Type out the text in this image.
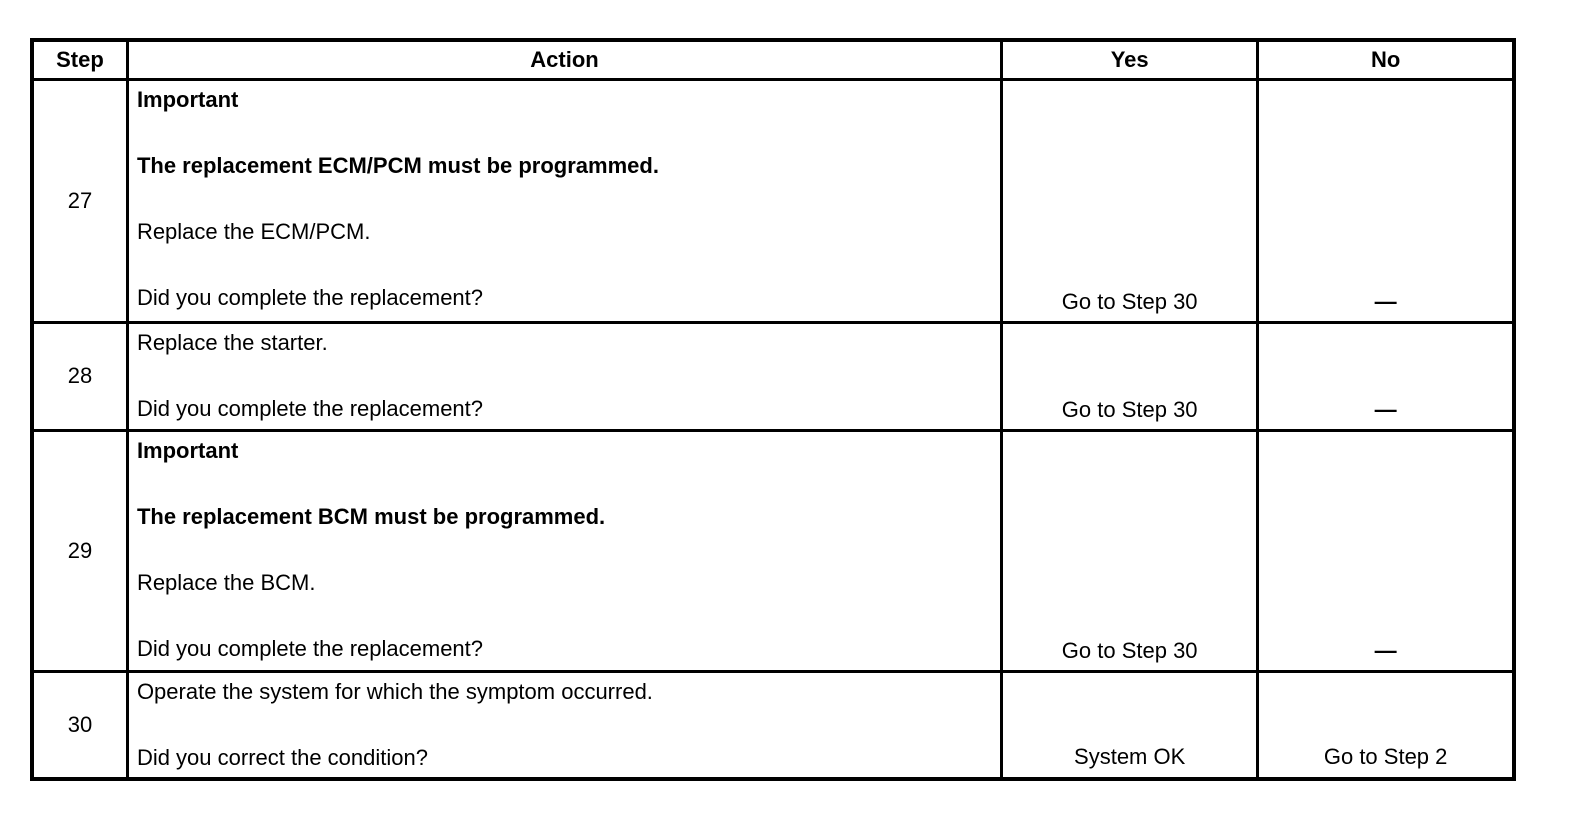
Step	Action	Yes	No
27	Important
The replacement ECM/PCM must be programmed.
Replace the ECM/PCM.
Did you complete the replacement?	Go to Step 30	—
28	Replace the starter.
Did you complete the replacement?	Go to Step 30	—
29	Important
The replacement BCM must be programmed.
Replace the BCM.
Did you complete the replacement?	Go to Step 30	—
30	Operate the system for which the symptom occurred.
Did you correct the condition?	System OK	Go to Step 2
